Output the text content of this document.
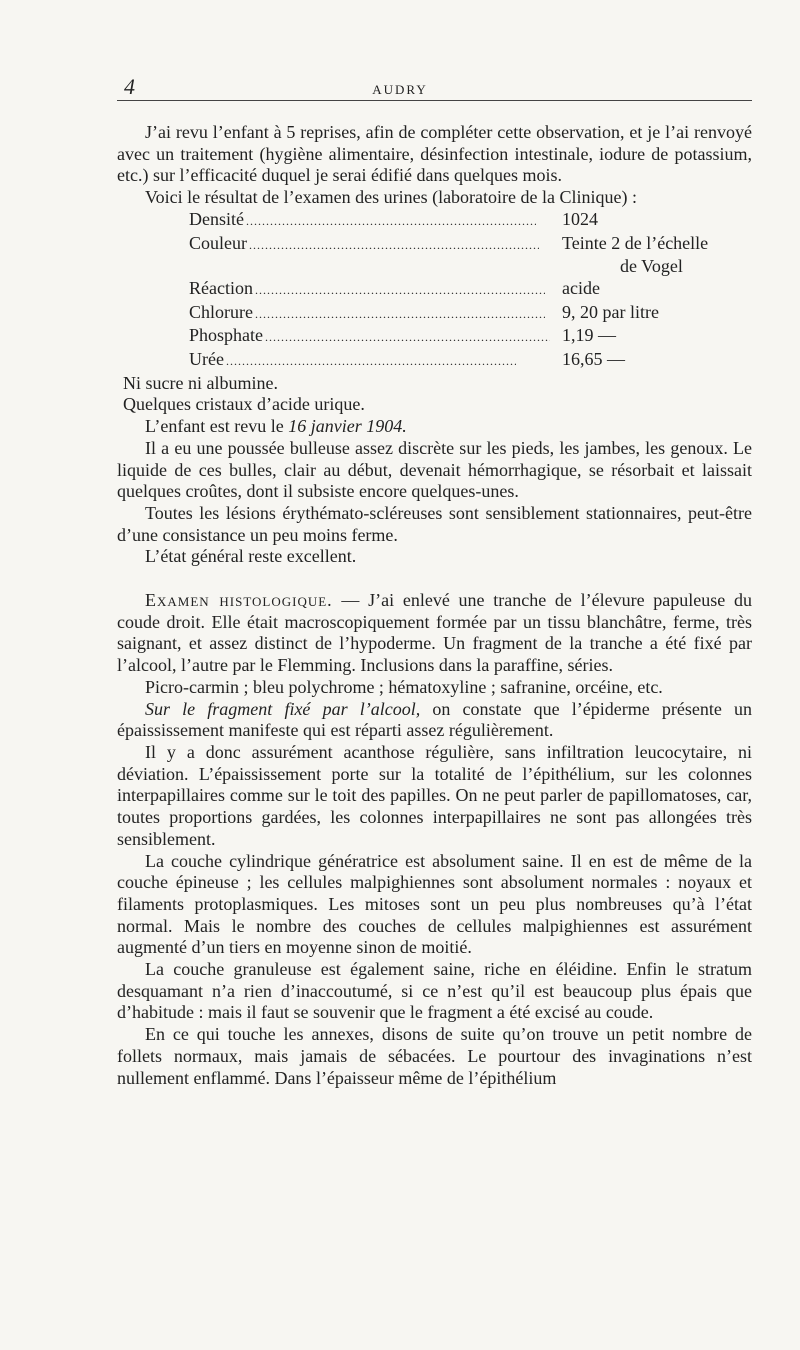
4	AUDRY

J’ai revu l’enfant à 5 reprises, afin de compléter cette observation, et je l’ai renvoyé avec un traitement (hygiène alimentaire, désinfection intestinale, iodure de potassium, etc.) sur l’efficacité duquel je serai édifié dans quelques mois.

Voici le résultat de l’examen des urines (laboratoire de la Clinique) :

Densité
. . .	1024
Couleur
. . .	Teinte 2 de l’échelle
de Vogel
Réaction
. . .	acide
Chlorure
. . .	9, 20 par litre
Phosphate
. . .	1,19 —
Urée
. . .	16,65 —

Ni sucre ni albumine.

Quelques cristaux d’acide urique.

L’enfant est revu le 16 janvier 1904.

Il a eu une poussée bulleuse assez discrète sur les pieds, les jambes, les genoux. Le liquide de ces bulles, clair au début, devenait hémorrhagique, se résorbait et laissait quelques croûtes, dont il subsiste encore quelques-unes.

Toutes les lésions érythémato-scléreuses sont sensiblement stationnaires, peut-être d’une consistance un peu moins ferme.

L’état général reste excellent.

Examen histologique. — J’ai enlevé une tranche de l’élevure papuleuse du coude droit. Elle était macroscopiquement formée par un tissu blanchâtre, ferme, très saignant, et assez distinct de l’hypoderme. Un fragment de la tranche a été fixé par l’alcool, l’autre par le Flemming. Inclusions dans la paraffine, séries.

Picro-carmin ; bleu polychrome ; hématoxyline ; safranine, orcéine, etc.

Sur le fragment fixé par l’alcool, on constate que l’épiderme présente un épaississement manifeste qui est réparti assez régulièrement.

Il y a donc assurément acanthose régulière, sans infiltration leucocytaire, ni déviation. L’épaississement porte sur la totalité de l’épithélium, sur les colonnes interpapillaires comme sur le toit des papilles. On ne peut parler de papillomatoses, car, toutes proportions gardées, les colonnes interpapillaires ne sont pas allongées très sensiblement.

La couche cylindrique génératrice est absolument saine. Il en est de même de la couche épineuse ; les cellules malpighiennes sont absolument normales : noyaux et filaments protoplasmiques. Les mitoses sont un peu plus nombreuses qu’à l’état normal. Mais le nombre des couches de cellules malpighiennes est assurément augmenté d’un tiers en moyenne sinon de moitié.

La couche granuleuse est également saine, riche en éléidine. Enfin le stratum desquamant n’a rien d’inaccoutumé, si ce n’est qu’il est beaucoup plus épais que d’habitude : mais il faut se souvenir que le fragment a été excisé au coude.

En ce qui touche les annexes, disons de suite qu’on trouve un petit nombre de follets normaux, mais jamais de sébacées. Le pourtour des invaginations n’est nullement enflammé. Dans l’épaisseur même de l’épithélium
